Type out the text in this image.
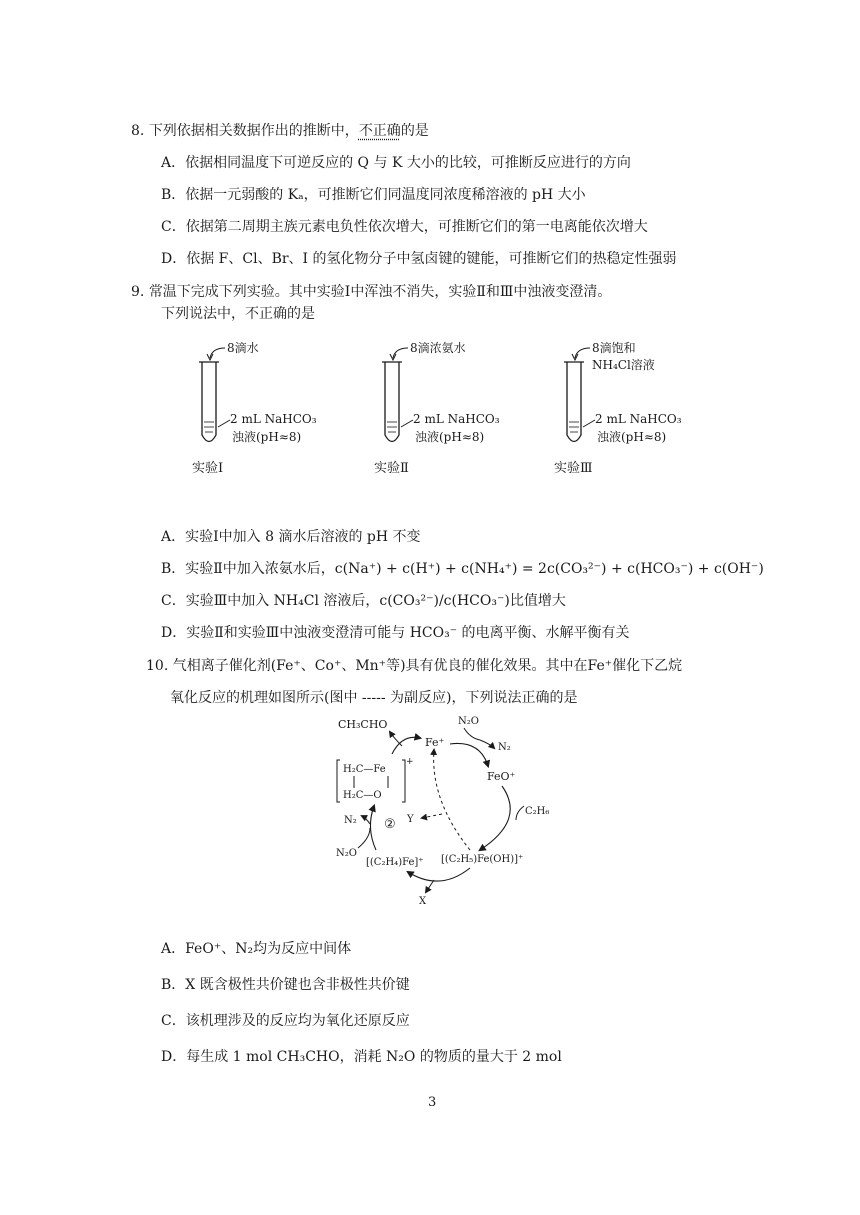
8. 下列依据相关数据作出的推断中，不正确的是
A．依据相同温度下可逆反应的 Q 与 K 大小的比较，可推断反应进行的方向
B．依据一元弱酸的 Kₐ，可推断它们同温度同浓度稀溶液的 pH 大小
C．依据第二周期主族元素电负性依次增大，可推断它们的第一电离能依次增大
D．依据 F、Cl、Br、I 的氢化物分子中氢卤键的键能，可推断它们的热稳定性强弱
9. 常温下完成下列实验。其中实验Ⅰ中浑浊不消失，实验Ⅱ和Ⅲ中浊液变澄清。
下列说法中，不正确的是
8滴水
2 mL NaHCO₃
浊液(pH≈8)
实验Ⅰ
8滴浓氨水
2 mL NaHCO₃
浊液(pH≈8)
实验Ⅱ
8滴饱和
NH₄Cl溶液
2 mL NaHCO₃
浊液(pH≈8)
实验Ⅲ
A．实验Ⅰ中加入 8 滴水后溶液的 pH 不变
B．实验Ⅱ中加入浓氨水后，c(Na⁺) + c(H⁺) + c(NH₄⁺) = 2c(CO₃²⁻) + c(HCO₃⁻) + c(OH⁻)
C．实验Ⅲ中加入 NH₄Cl 溶液后，c(CO₃²⁻)/c(HCO₃⁻)比值增大
D．实验Ⅱ和实验Ⅲ中浊液变澄清可能与 HCO₃⁻ 的电离平衡、水解平衡有关
10. 气相离子催化剂(Fe⁺、Co⁺、Mn⁺等)具有优良的催化效果。其中在Fe⁺催化下乙烷
氧化反应的机理如图所示(图中 ----- 为副反应)，下列说法正确的是
CH₃CHO
Fe⁺
N₂O
N₂
FeO⁺
C₂H₆
Y
H₂C—Fe
H₂C—O
+
N₂
N₂O
②
[(C₂H₄)Fe]⁺ [(C₂H₅)Fe(OH)]⁺
X
A．FeO⁺、N₂均为反应中间体
B．X 既含极性共价键也含非极性共价键
C．该机理涉及的反应均为氧化还原反应
D．每生成 1 mol CH₃CHO，消耗 N₂O 的物质的量大于 2 mol
3
